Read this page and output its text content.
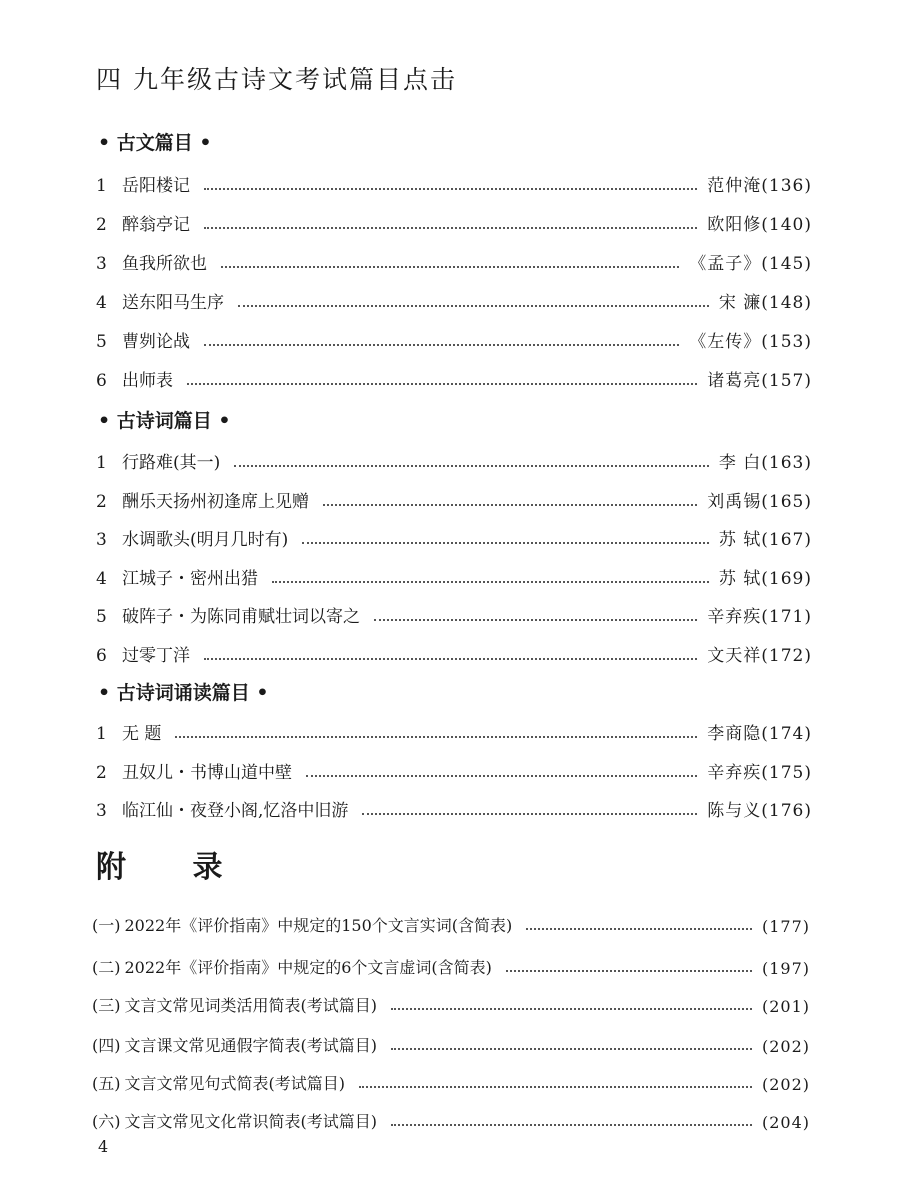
四 九年级古诗文考试篇目点击
• 古文篇目 •
1 岳阳楼记	范仲淹(136)
2 醉翁亭记	欧阳修(140)
3 鱼我所欲也	《孟子》(145)
4 送东阳马生序	宋 濂(148)
5 曹刿论战	《左传》(153)
6 出师表	诸葛亮(157)
• 古诗词篇目 •
1 行路难(其一)	李 白(163)
2 酬乐天扬州初逢席上见赠	刘禹锡(165)
3 水调歌头(明月几时有)	苏 轼(167)
4 江城子・密州出猎	苏 轼(169)
5 破阵子・为陈同甫赋壮词以寄之	辛弃疾(171)
6 过零丁洋	文天祥(172)
• 古诗词诵读篇目 •
1 无 题	李商隐(174)
2 丑奴儿・书博山道中壁	辛弃疾(175)
3 临江仙・夜登小阁,忆洛中旧游	陈与义(176)
附 录
(一) 2022年《评价指南》中规定的150个文言实词(含简表)	(177)
(二) 2022年《评价指南》中规定的6个文言虚词(含简表)	(197)
(三) 文言文常见词类活用简表(考试篇目)	(201)
(四) 文言课文常见通假字简表(考试篇目)	(202)
(五) 文言文常见句式简表(考试篇目)	(202)
(六) 文言文常见文化常识简表(考试篇目)	(204)
4
